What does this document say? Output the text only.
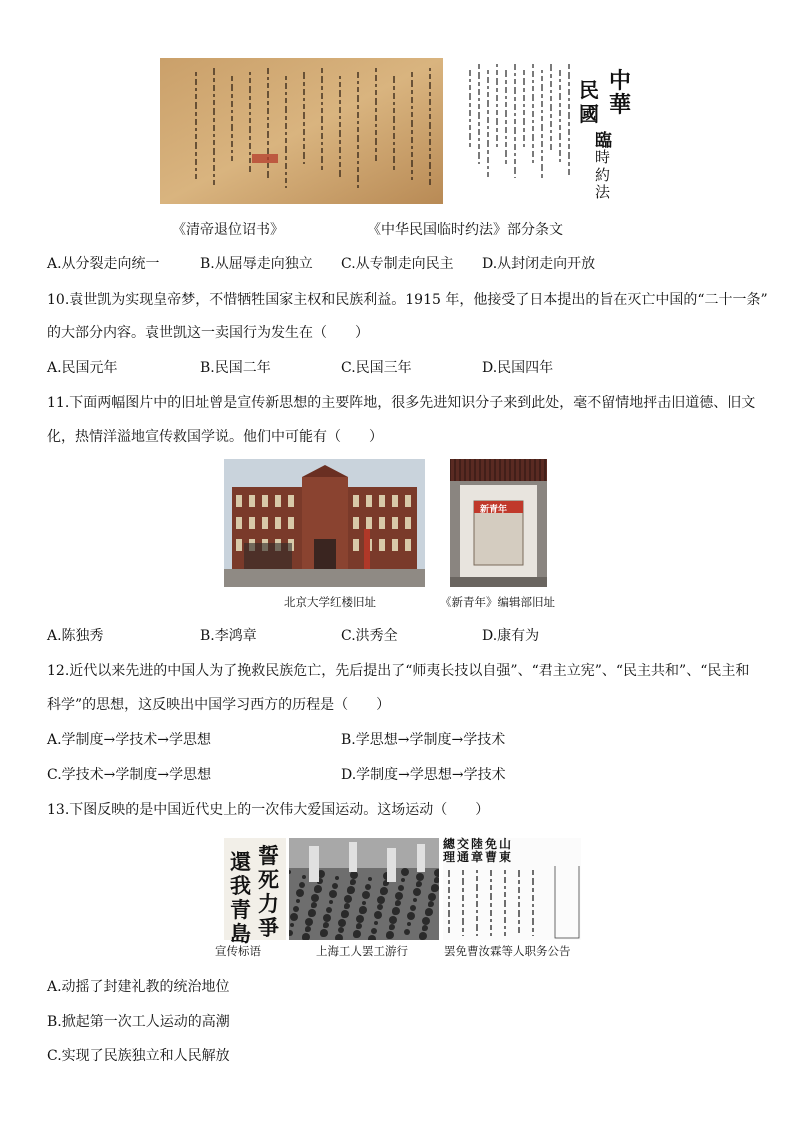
中
華
民
國
臨
時
約
法
《清帝退位诏书》	《中华民国临时约法》部分条文
A.从分裂走向统一	B.从屈辱走向独立 C.从专制走向民主 D.从封闭走向开放
10.袁世凯为实现皇帝梦，不惜牺牲国家主权和民族利益。1915 年，他接受了日本提出的旨在灭亡中国的“二十一条”
的大部分内容。袁世凯这一卖国行为发生在（　　）
A.民国元年	B.民国二年	C.民国三年	D.民国四年
11.下面两幅图片中的旧址曾是宣传新思想的主要阵地，很多先进知识分子来到此处，毫不留情地抨击旧道德、旧文
化，热情洋溢地宣传救国学说。他们中可能有（　　）
新青年
北京大学红楼旧址	《新青年》编辑部旧址
A.陈独秀	B.李鸿章	C.洪秀全	D.康有为
12.近代以来先进的中国人为了挽救民族危亡，先后提出了“师夷长技以自强”、“君主立宪”、“民主共和”、“民主和
科学”的思想，这反映出中国学习西方的历程是（　　）
A.学制度→学技术→学思想	B.学思想→学制度→学技术
C.学技术→学制度→学思想	D.学制度→学思想→学技术
13.下图反映的是中国近代史上的一次伟大爱国运动。这场运动（　　）
誓
死
力
爭
還
我
青
島
免曹
陸章
交通
總理
山東
宣传标语	上海工人罢工游行	罢免曹汝霖等人职务公告
A.动摇了封建礼教的统治地位
B.掀起第一次工人运动的高潮
C.实现了民族独立和人民解放
